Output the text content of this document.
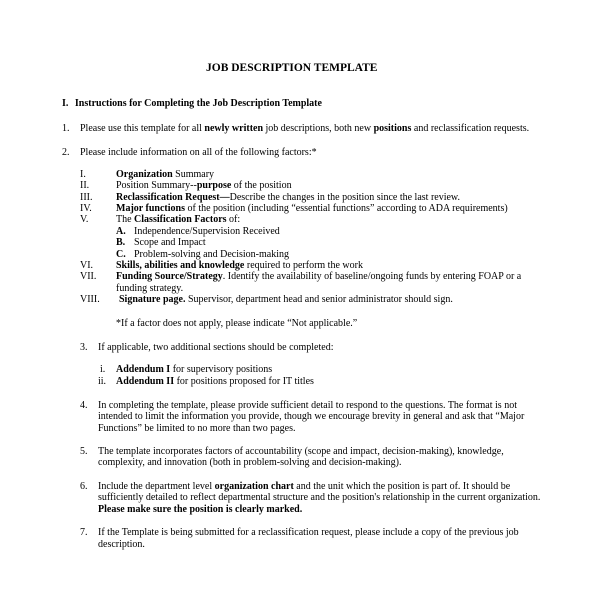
JOB DESCRIPTION TEMPLATE
I. Instructions for Completing the Job Description Template
1. Please use this template for all newly written job descriptions, both new positions and reclassification requests.
2. Please include information on all of the following factors:*
I.	Organization Summary
II.	Position Summary--purpose of the position
III. Reclassification Request—Describe the changes in the position since the last review.
IV. Major functions of the position (including “essential functions” according to ADA requirements)
V.	The Classification Factors of:
A. Independence/Supervision Received
B. Scope and Impact
C. Problem-solving and Decision-making
VI. Skills, abilities and knowledge required to perform the work
VII. Funding Source/Strategy. Identify the availability of baseline/ongoing funds by entering FOAP or a
funding strategy.
VIII. Signature page. Supervisor, department head and senior administrator should sign.
*If a factor does not apply, please indicate “Not applicable.”
3. If applicable, two additional sections should be completed:
i. Addendum I for supervisory positions
ii. Addendum II for positions proposed for IT titles
4. In completing the template, please provide sufficient detail to respond to the questions. The format is not
intended to limit the information you provide, though we encourage brevity in general and ask that “Major
Functions” be limited to no more than two pages.
5. The template incorporates factors of accountability (scope and impact, decision-making), knowledge,
complexity, and innovation (both in problem-solving and decision-making).
6. Include the department level organization chart and the unit which the position is part of. It should be
sufficiently detailed to reflect departmental structure and the position's relationship in the current organization.
Please make sure the position is clearly marked.
7. If the Template is being submitted for a reclassification request, please include a copy of the previous job
description.
